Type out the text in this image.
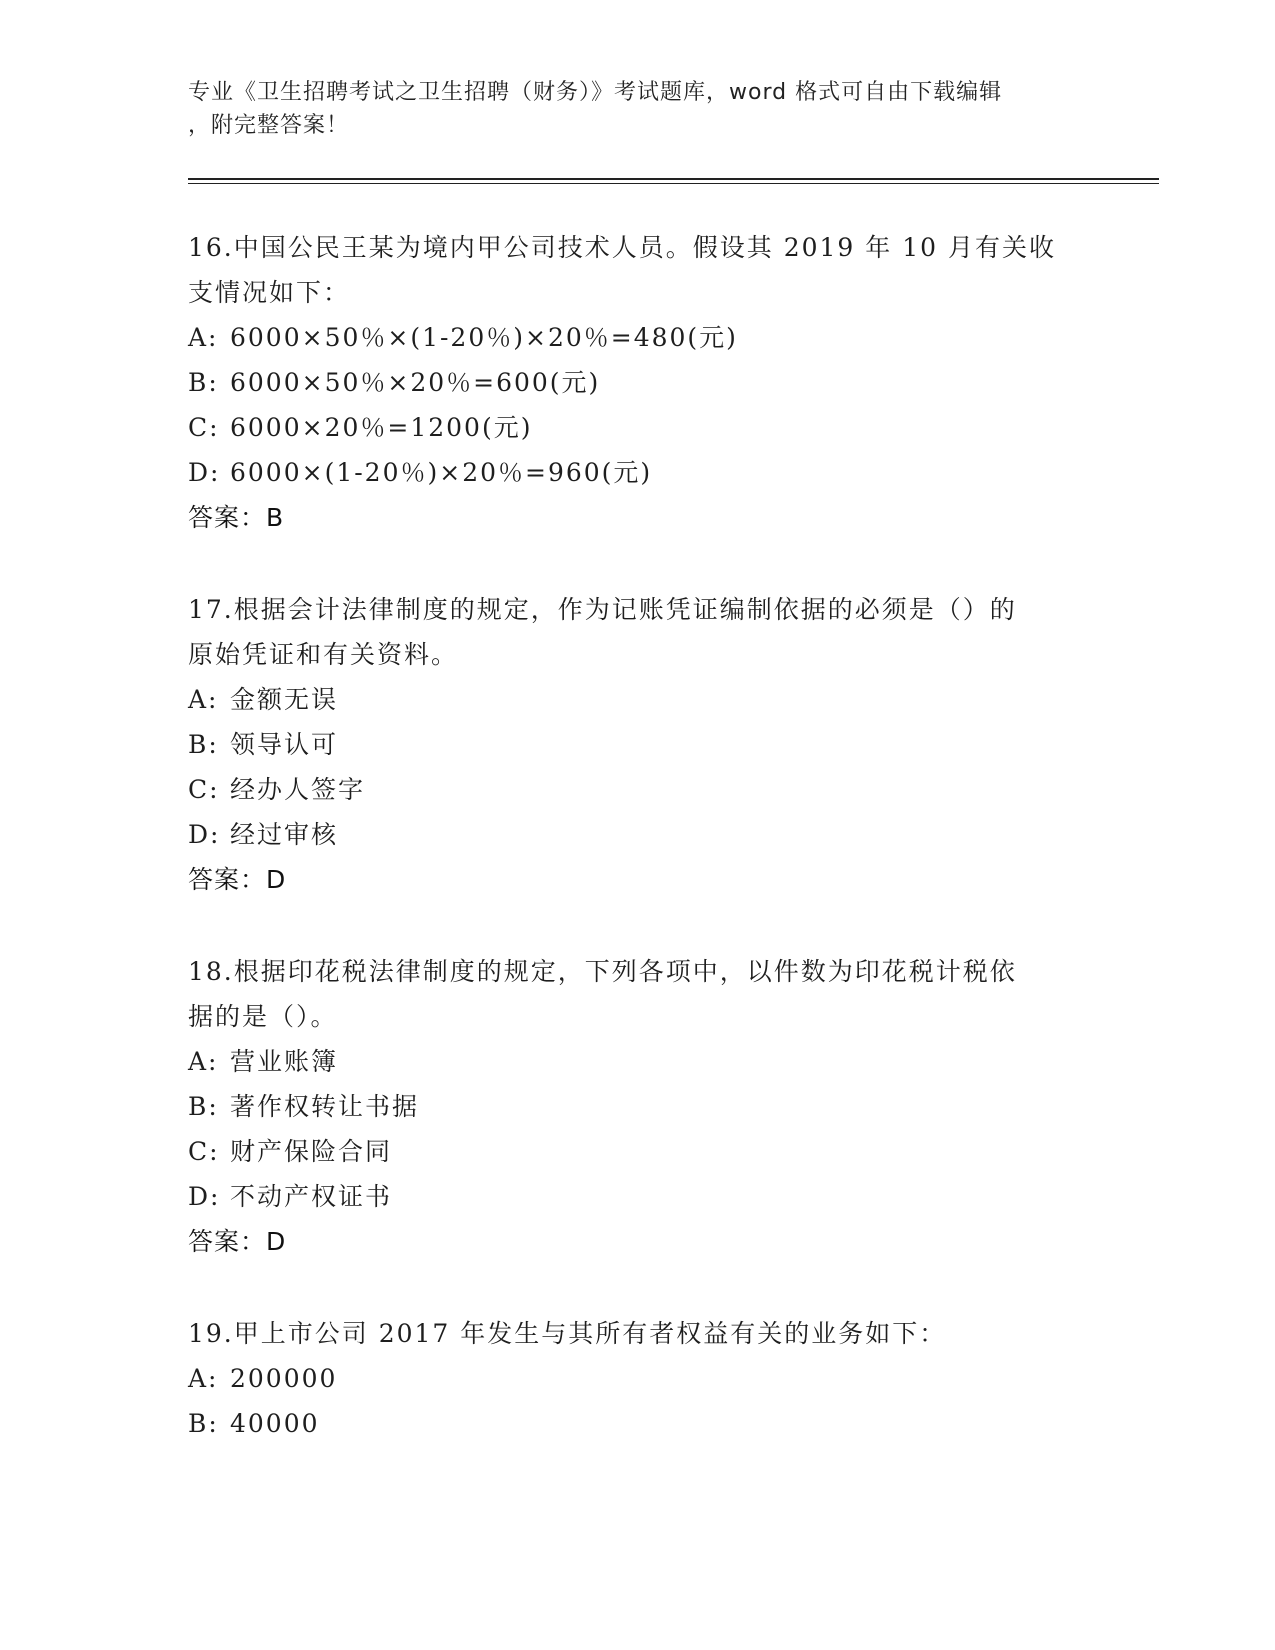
专业《卫生招聘考试之卫生招聘（财务）》考试题库，word 格式可自由下载编辑
，附完整答案！

16.中国公民王某为境内甲公司技术人员。假设其 2019 年 10 月有关收
支情况如下：

A: 6000×50％×(1-20％)×20％=480(元)
B: 6000×50％×20％=600(元)
C: 6000×20％=1200(元)
D: 6000×(1-20％)×20％=960(元)

答案：B

17.根据会计法律制度的规定，作为记账凭证编制依据的必须是（）的
原始凭证和有关资料。

A: 金额无误
B: 领导认可
C: 经办人签字
D: 经过审核

答案：D

18.根据印花税法律制度的规定，下列各项中，以件数为印花税计税依
据的是（）。

A: 营业账簿
B: 著作权转让书据
C: 财产保险合同
D: 不动产权证书

答案：D

19.甲上市公司 2017 年发生与其所有者权益有关的业务如下：

A: 200000
B: 40000
